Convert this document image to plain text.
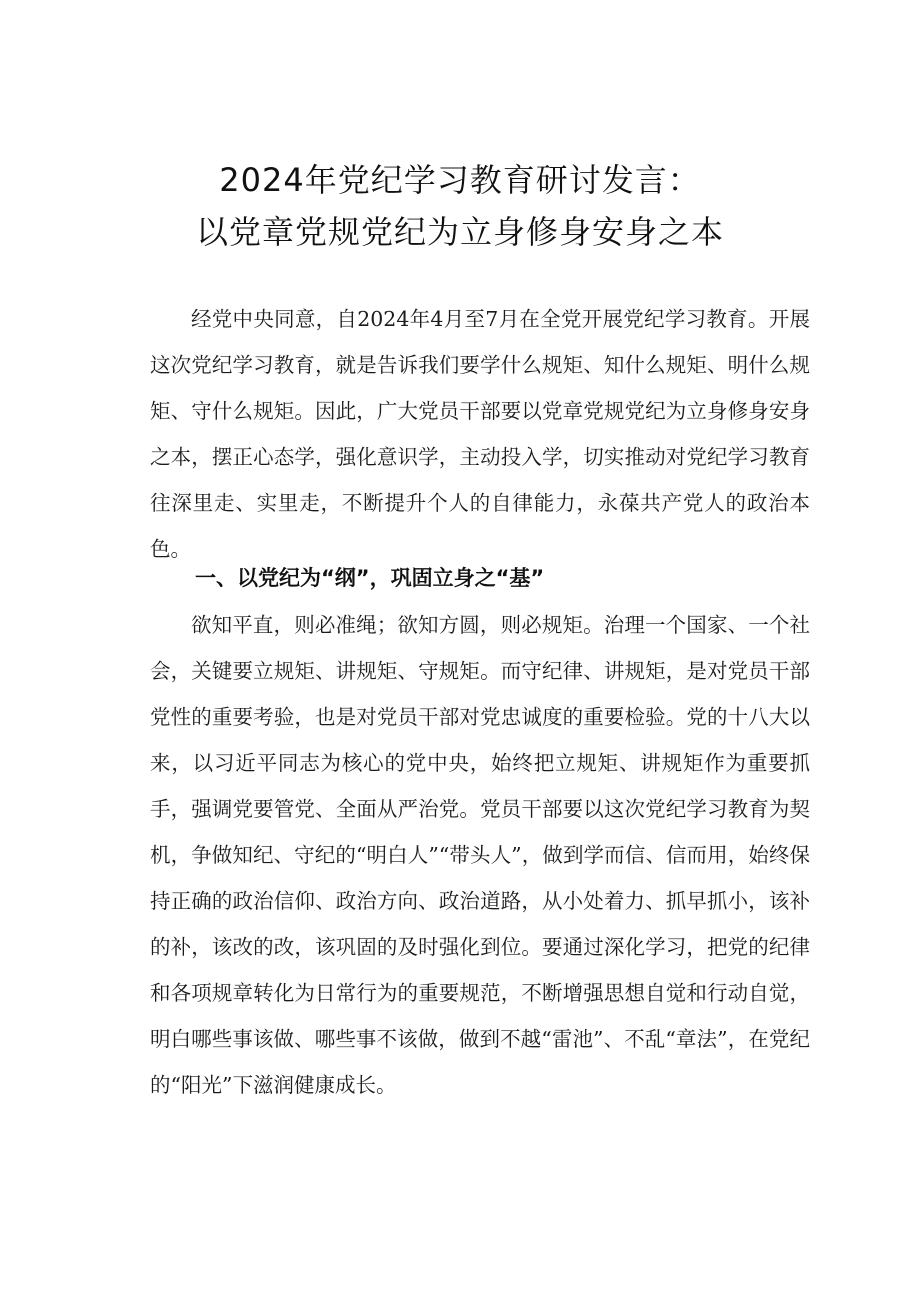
2024年党纪学习教育研讨发言：
以党章党规党纪为立身修身安身之本

经党中央同意，自2024年4月至7月在全党开展党纪学习教育。开展这次党纪学习教育，就是告诉我们要学什么规矩、知什么规矩、明什么规矩、守什么规矩。因此，广大党员干部要以党章党规党纪为立身修身安身之本，摆正心态学，强化意识学，主动投入学，切实推动对党纪学习教育往深里走、实里走，不断提升个人的自律能力，永葆共产党人的政治本色。

一、以党纪为“纲”，巩固立身之“基”

欲知平直，则必准绳；欲知方圆，则必规矩。治理一个国家、一个社会，关键要立规矩、讲规矩、守规矩。而守纪律、讲规矩，是对党员干部党性的重要考验，也是对党员干部对党忠诚度的重要检验。党的十八大以来，以习近平同志为核心的党中央，始终把立规矩、讲规矩作为重要抓手，强调党要管党、全面从严治党。党员干部要以这次党纪学习教育为契机，争做知纪、守纪的“明白人”“带头人”，做到学而信、信而用，始终保持正确的政治信仰、政治方向、政治道路，从小处着力、抓早抓小，该补的补，该改的改，该巩固的及时强化到位。要通过深化学习，把党的纪律和各项规章转化为日常行为的重要规范，不断增强思想自觉和行动自觉，明白哪些事该做、哪些事不该做，做到不越“雷池”、不乱“章法”，在党纪的“阳光”下滋润健康成长。
